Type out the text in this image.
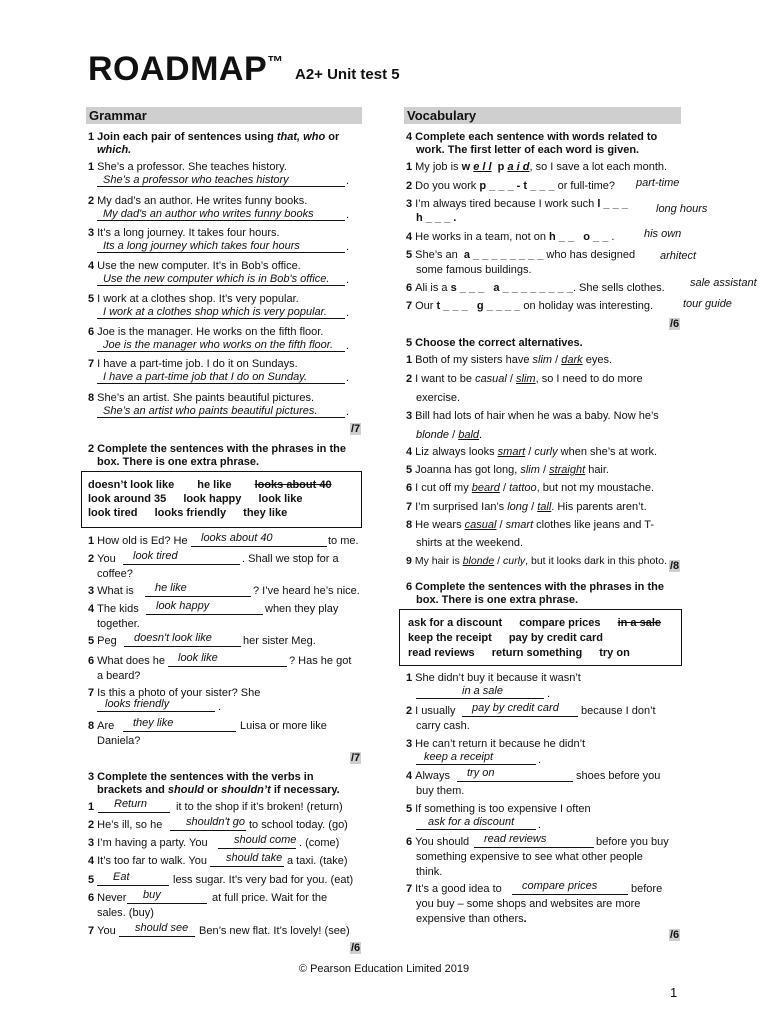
ROADMAP™
A2+ Unit test 5
Grammar	Vocabulary
1 Join each pair of sentences using that, who or
which.
/7
2 Complete the sentences with the phrases in the
box. There is one extra phrase.
doesn’t look like he like looks about 40
look around 35 look happy look like
look tired looks friendly they like
/7
3 Complete the sentences with the verbs in
brackets and should or shouldn’t if necessary.
/6
4 Complete each sentence with words related to
work. The first letter of each word is given.
1 My job is w e l l  p a i d, so I save a lot each month.
2 Do you work p _ _ _ - t _ _ _ or full-time? part-time
3 I’m always tired because I work such l _ _ _
h _ _ _ .
long hours
4 He works in a team, not on h _ _   o _ _ .	his own
5 She’s an  a _ _ _ _ _ _ _ _ who has designed
some famous buildings.
arhitect
6 Ali is a s _ _ _   a _ _ _ _ _ _ _ _. She sells clothes. sale assistant
7 Our t _ _ _   g _ _ _ _ on holiday was interesting.	tour guide
/6
5 Choose the correct alternatives.
1 Both of my sisters have slim / dark eyes.
2 I want to be casual / slim, so I need to do more
exercise.
3 Bill had lots of hair when he was a baby. Now he’s
blonde / bald.
4 Liz always looks smart / curly when she’s at work.
5 Joanna has got long, slim / straight hair.
6 I cut off my beard / tattoo, but not my moustache.
7 I’m surprised Ian’s long / tall. His parents aren’t.
8 He wears casual / smart clothes like jeans and T-
shirts at the weekend.
9 My hair is blonde / curly, but it looks dark in this photo. /8
6 Complete the sentences with the phrases in the
box. There is one extra phrase.
ask for a discount compare prices in a sale
keep the receipt pay by credit card
read reviews return something try on
/6
© Pearson Education Limited 2019
1
1 She’s a professor. She teaches history.
She’s a professor who teaches history	.
2 My dad’s an author. He writes funny books.
My dad's an author who writes funny books	.
3 It’s a long journey. It takes four hours.
Its a long journey which takes four hours	.
4 Use the new computer. It’s in Bob’s office.
Use the new computer which is in Bob's office. .
5 I work at a clothes shop. It’s very popular.
I work at a clothes shop which is very popular. .
6 Joe is the manager. He works on the fifth floor.
Joe is the manager who works on the fifth floor. .
7 I have a part-time job. I do it on Sundays.
I have a part-time job that I do on Sunday.	.
8 She’s an artist. She paints beautiful pictures.
She’s an artist who paints beautiful pictures.	.
1 How old is Ed? He looks about 40	to me.
2 You look tired	. Shall we stop for a
coffee?
3 What is he like	? I’ve heard he’s nice.
4 The kids look happy	when they play
together.
5 Peg doesn't look like	her sister Meg.
6 What does he look like	? Has he got
a beard?
7 Is this a photo of your sister? She
looks friendly	.
8 Are they like	Luisa or more like
Daniela?
1 Return	it to the shop if it’s broken! (return)
2 He’s ill, so he shouldn't go to school today. (go)
3 I’m having a party. You should come . (come)
4 It’s too far to walk. You should take a taxi. (take)
5 Eat	less sugar. It’s very bad for you. (eat)
6 Never buy	at full price. Wait for the
sales. (buy)
7 You should see Ben’s new flat. It’s lovely! (see)
1 She didn’t buy it because it wasn’t
in a sale	.
2 I usually pay by credit card because I don’t
carry cash.
3 He can’t return it because he didn’t
keep a receipt	.
4 Always try on	shoes before you
buy them.
5 If something is too expensive I often
ask for a discount .
6 You should read reviews	before you buy
something expensive to see what other people
think.
7 It’s a good idea to compare prices	before
you buy – some shops and websites are more
expensive than others.
